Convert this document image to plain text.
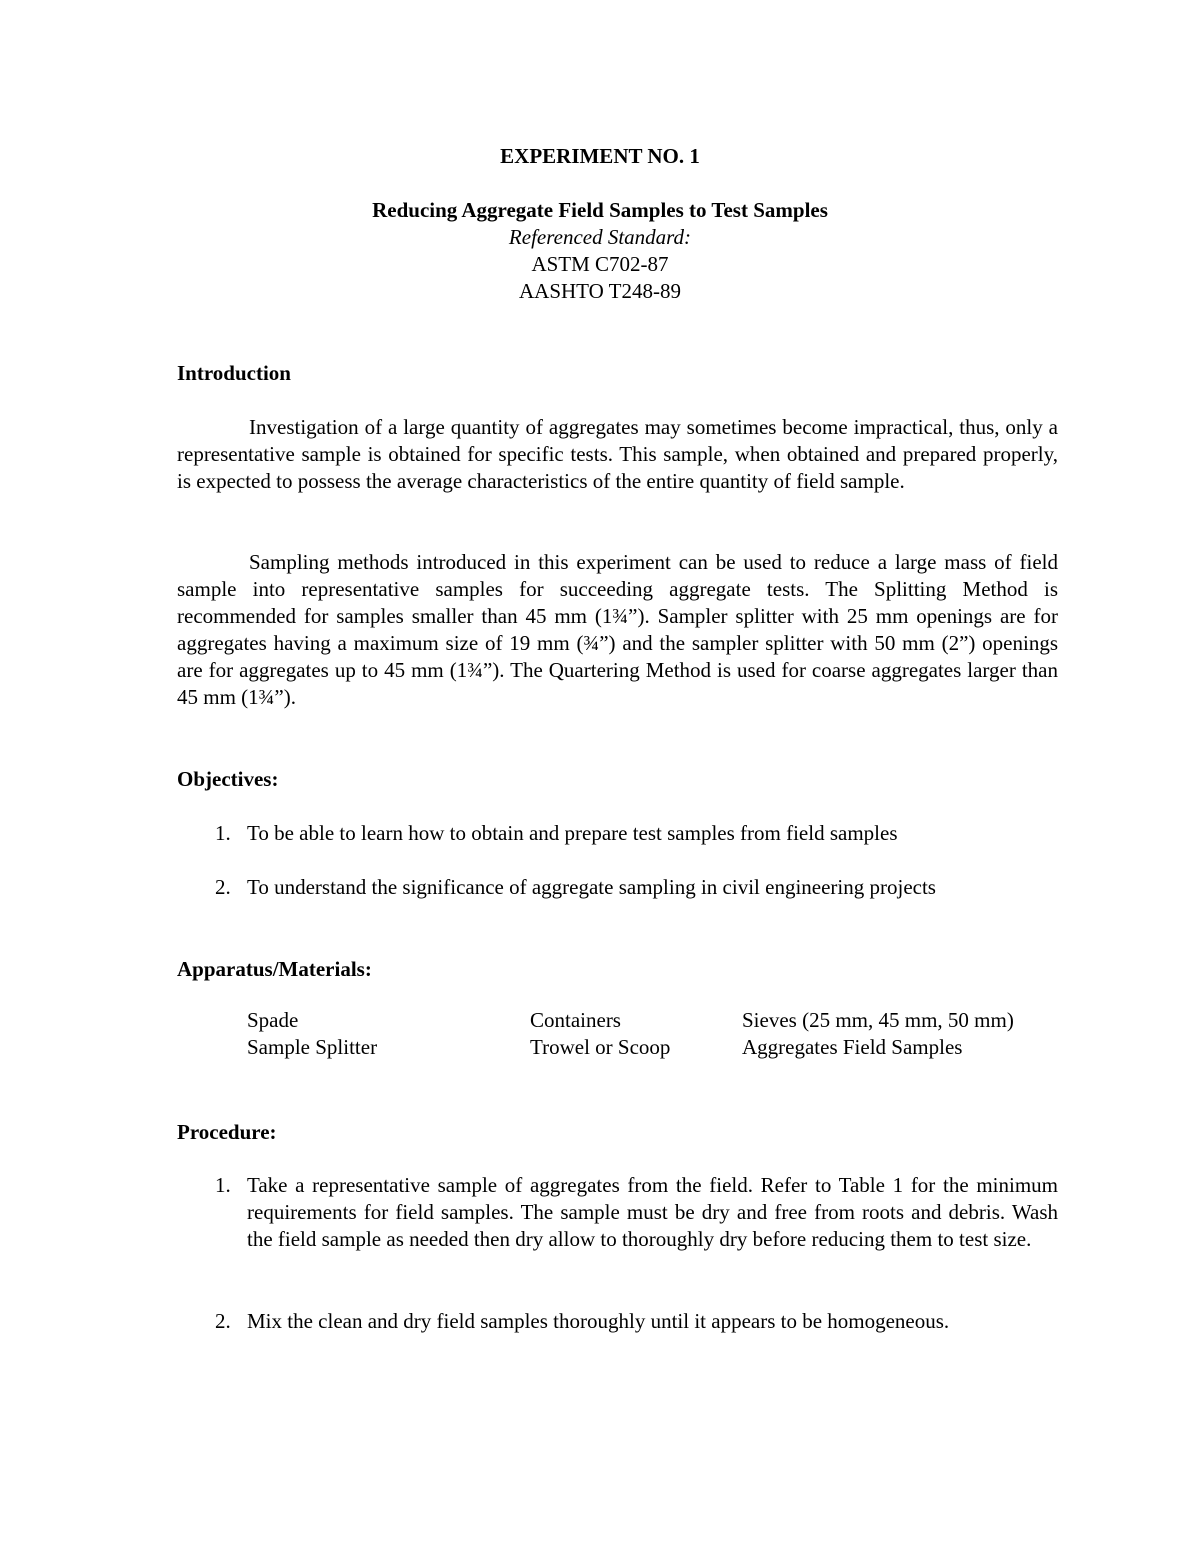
EXPERIMENT NO. 1
Reducing Aggregate Field Samples to Test Samples
Referenced Standard:
ASTM C702-87
AASHTO T248-89
Introduction

Investigation of a large quantity of aggregates may sometimes become impractical, thus, only a representative sample is obtained for specific tests. This sample, when obtained and prepared properly, is expected to possess the average characteristics of the entire quantity of field sample.

Sampling methods introduced in this experiment can be used to reduce a large mass of field sample into representative samples for succeeding aggregate tests. The Splitting Method is recommended for samples smaller than 45 mm (1¾”). Sampler splitter with 25 mm openings are for aggregates having a maximum size of 19 mm (¾”) and the sampler splitter with 50 mm (2”) openings are for aggregates up to 45 mm (1¾”). The Quartering Method is used for coarse aggregates larger than 45 mm (1¾”).

Objectives:
1. To be able to learn how to obtain and prepare test samples from field samples
2. To understand the significance of aggregate sampling in civil engineering projects
Apparatus/Materials:
Spade	Containers	Sieves (25 mm, 45 mm, 50 mm)
Sample Splitter	Trowel or Scoop	Aggregates Field Samples
Procedure:
1. Take a representative sample of aggregates from the field. Refer to Table 1 for the minimum requirements for field samples. The sample must be dry and free from roots and debris. Wash the field sample as needed then dry allow to thoroughly dry before reducing them to test size.
2. Mix the clean and dry field samples thoroughly until it appears to be homogeneous.
